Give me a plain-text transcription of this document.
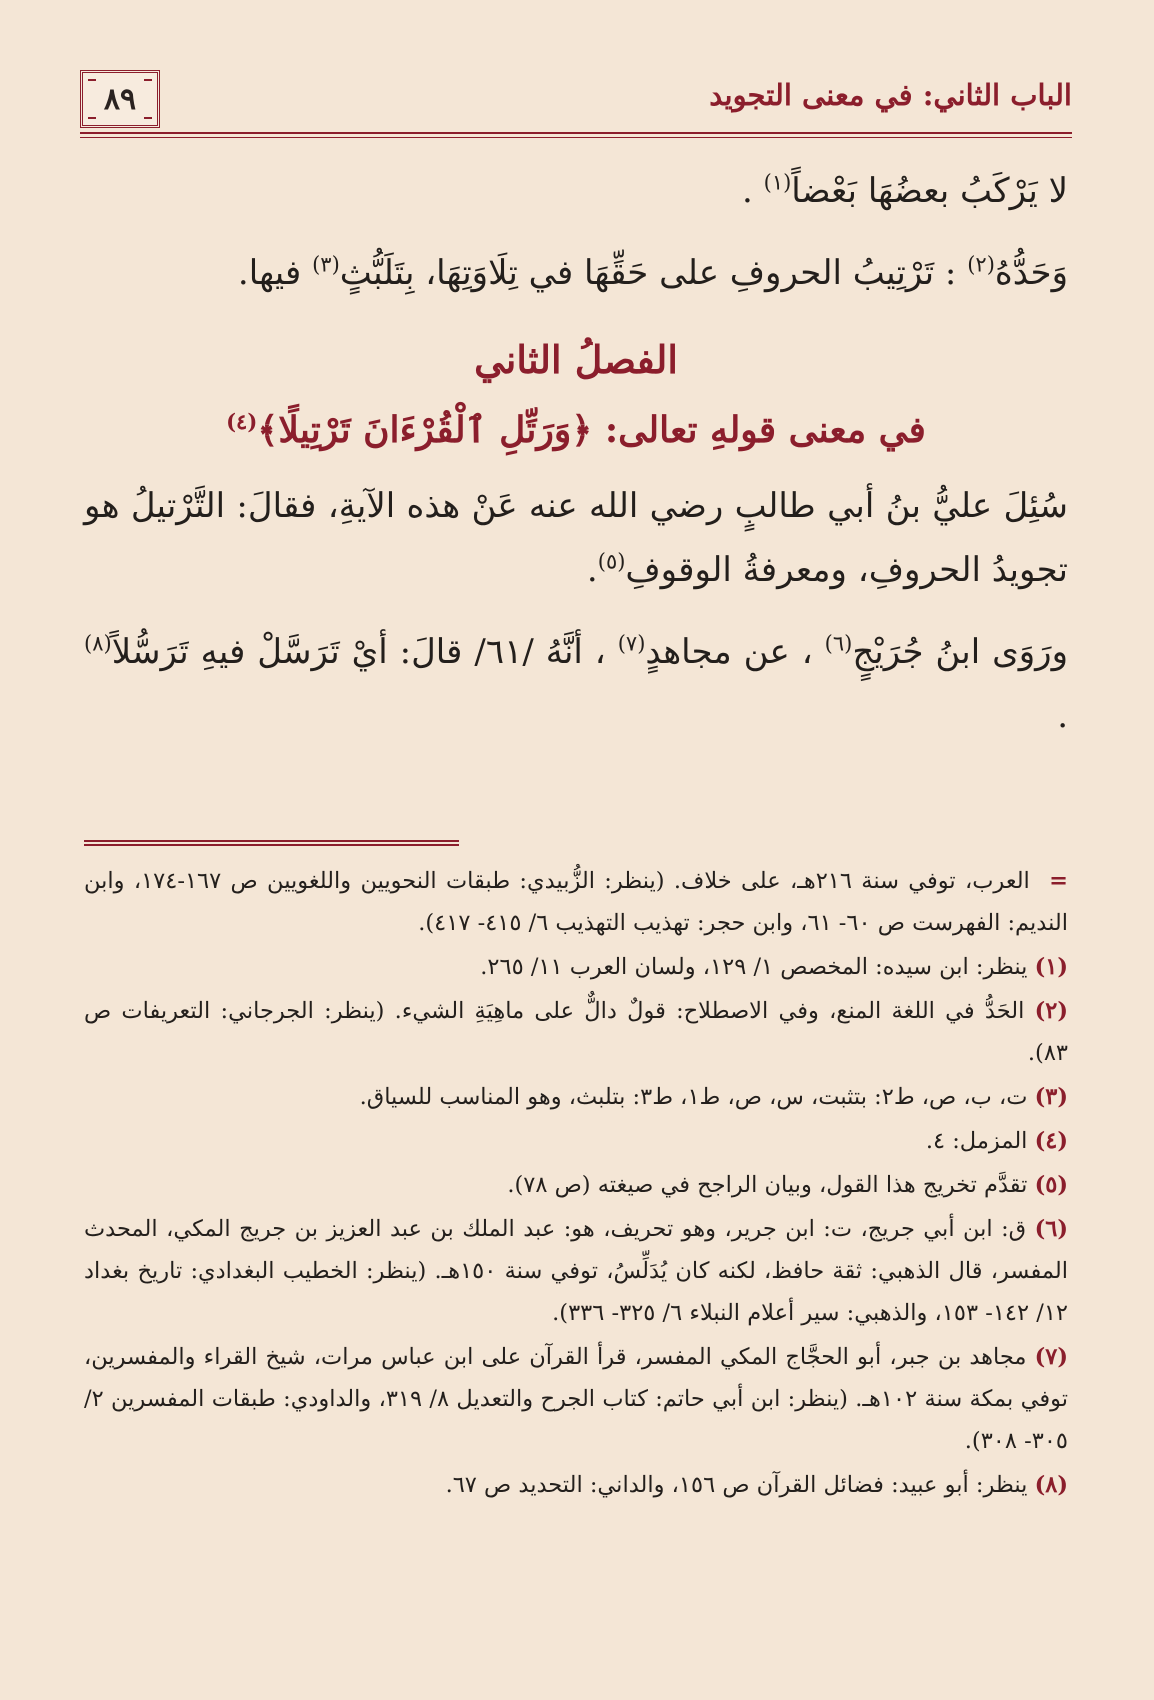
الباب الثاني: في معنى التجويد
٨٩
لا يَرْكَبُ بعضُهَا بَعْضاً$^{(١)}$ .
وَحَدُّهُ$^{(٢)}$ : تَرْتِيبُ الحروفِ على حَقِّهَا في تِلَاوَتِهَا، بِتَلَبُّثٍ$^{(٣)}$ فيها.
الفصلُ الثاني
في معنى قولهِ تعالى: ﴿وَرَتِّلِ ٱلْقُرْءَانَ تَرْتِيلًا﴾$^{(٤)}$
سُئِلَ عليُّ بنُ أبي طالبٍ رضي الله عنه عَنْ هذه الآيةِ، فقالَ: التَّرْتيلُ هو تجويدُ الحروفِ، ومعرفةُ الوقوفِ$^{(٥)}$.
ورَوَى ابنُ جُرَيْجٍ$^{(٦)}$ ، عن مجاهدٍ$^{(٧)}$ ، أنَّهُ /٦١/ قالَ: أيْ تَرَسَّلْ فيهِ تَرَسُّلاً$^{(٨)}$ .
= العرب، توفي سنة ٢١٦هـ، على خلاف. (ينظر: الزُّبيدي: طبقات النحويين واللغويين ص ١٦٧-١٧٤، وابن النديم: الفهرست ص ٦٠- ٦١، وابن حجر: تهذيب التهذيب ٦/ ٤١٥- ٤١٧).
(١) ينظر: ابن سيده: المخصص ١/ ١٢٩، ولسان العرب ١١/ ٢٦٥.
(٢) الحَدُّ في اللغة المنع، وفي الاصطلاح: قولٌ دالٌّ على ماهِيَةِ الشيء. (ينظر: الجرجاني: التعريفات ص ٨٣).
(٣) ت، ب، ص، ط٢: بتثبت، س، ص، ط١، ط٣: بتلبث، وهو المناسب للسياق.
(٤) المزمل: ٤.
(٥) تقدَّم تخريج هذا القول، وبيان الراجح في صيغته (ص ٧٨).
(٦) ق: ابن أبي جريج، ت: ابن جرير، وهو تحريف، هو: عبد الملك بن عبد العزيز بن جريج المكي، المحدث المفسر، قال الذهبي: ثقة حافظ، لكنه كان يُدَلِّسُ، توفي سنة ١٥٠هـ. (ينظر: الخطيب البغدادي: تاريخ بغداد ١٢/ ١٤٢- ١٥٣، والذهبي: سير أعلام النبلاء ٦/ ٣٢٥- ٣٣٦).
(٧) مجاهد بن جبر، أبو الحجَّاج المكي المفسر، قرأ القرآن على ابن عباس مرات، شيخ القراء والمفسرين، توفي بمكة سنة ١٠٢هـ. (ينظر: ابن أبي حاتم: كتاب الجرح والتعديل ٨/ ٣١٩، والداودي: طبقات المفسرين ٢/ ٣٠٥- ٣٠٨).
(٨) ينظر: أبو عبيد: فضائل القرآن ص ١٥٦، والداني: التحديد ص ٦٧.
